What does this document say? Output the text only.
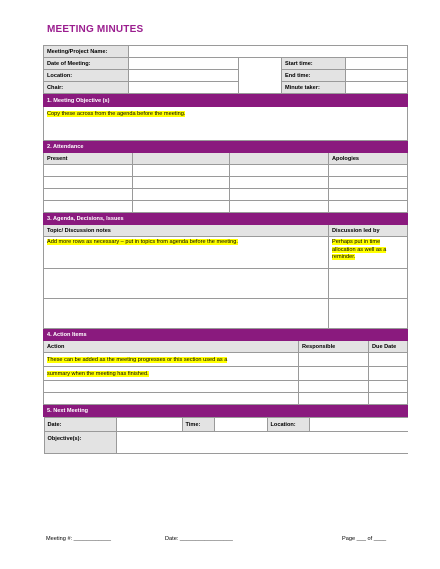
MEETING MINUTES
Meeting/Project Name:				
Date of Meeting:			Start time:	
Location:			End time:	
Chair:			Minute taker:	
1. Meeting Objective (s)
Copy these across from the agenda before the meeting.
2. Attendance
Present			Apologies

3. Agenda, Decisions, Issues
Topic/ Discussion notes	Discussion led by
Add more rows as necessary – put in topics from agenda before the meeting.	Perhaps put in time allocation as well as a reminder.

4. Action Items
Action	Responsible	Due Date
These can be added as the meeting progresses or this section used as a		
summary when the meeting has finished.		

5. Next Meeting

Date:		Time:		Location:	
Objective(s):	
Meeting #: ____________	Date: _________________	Page ___ of ____
